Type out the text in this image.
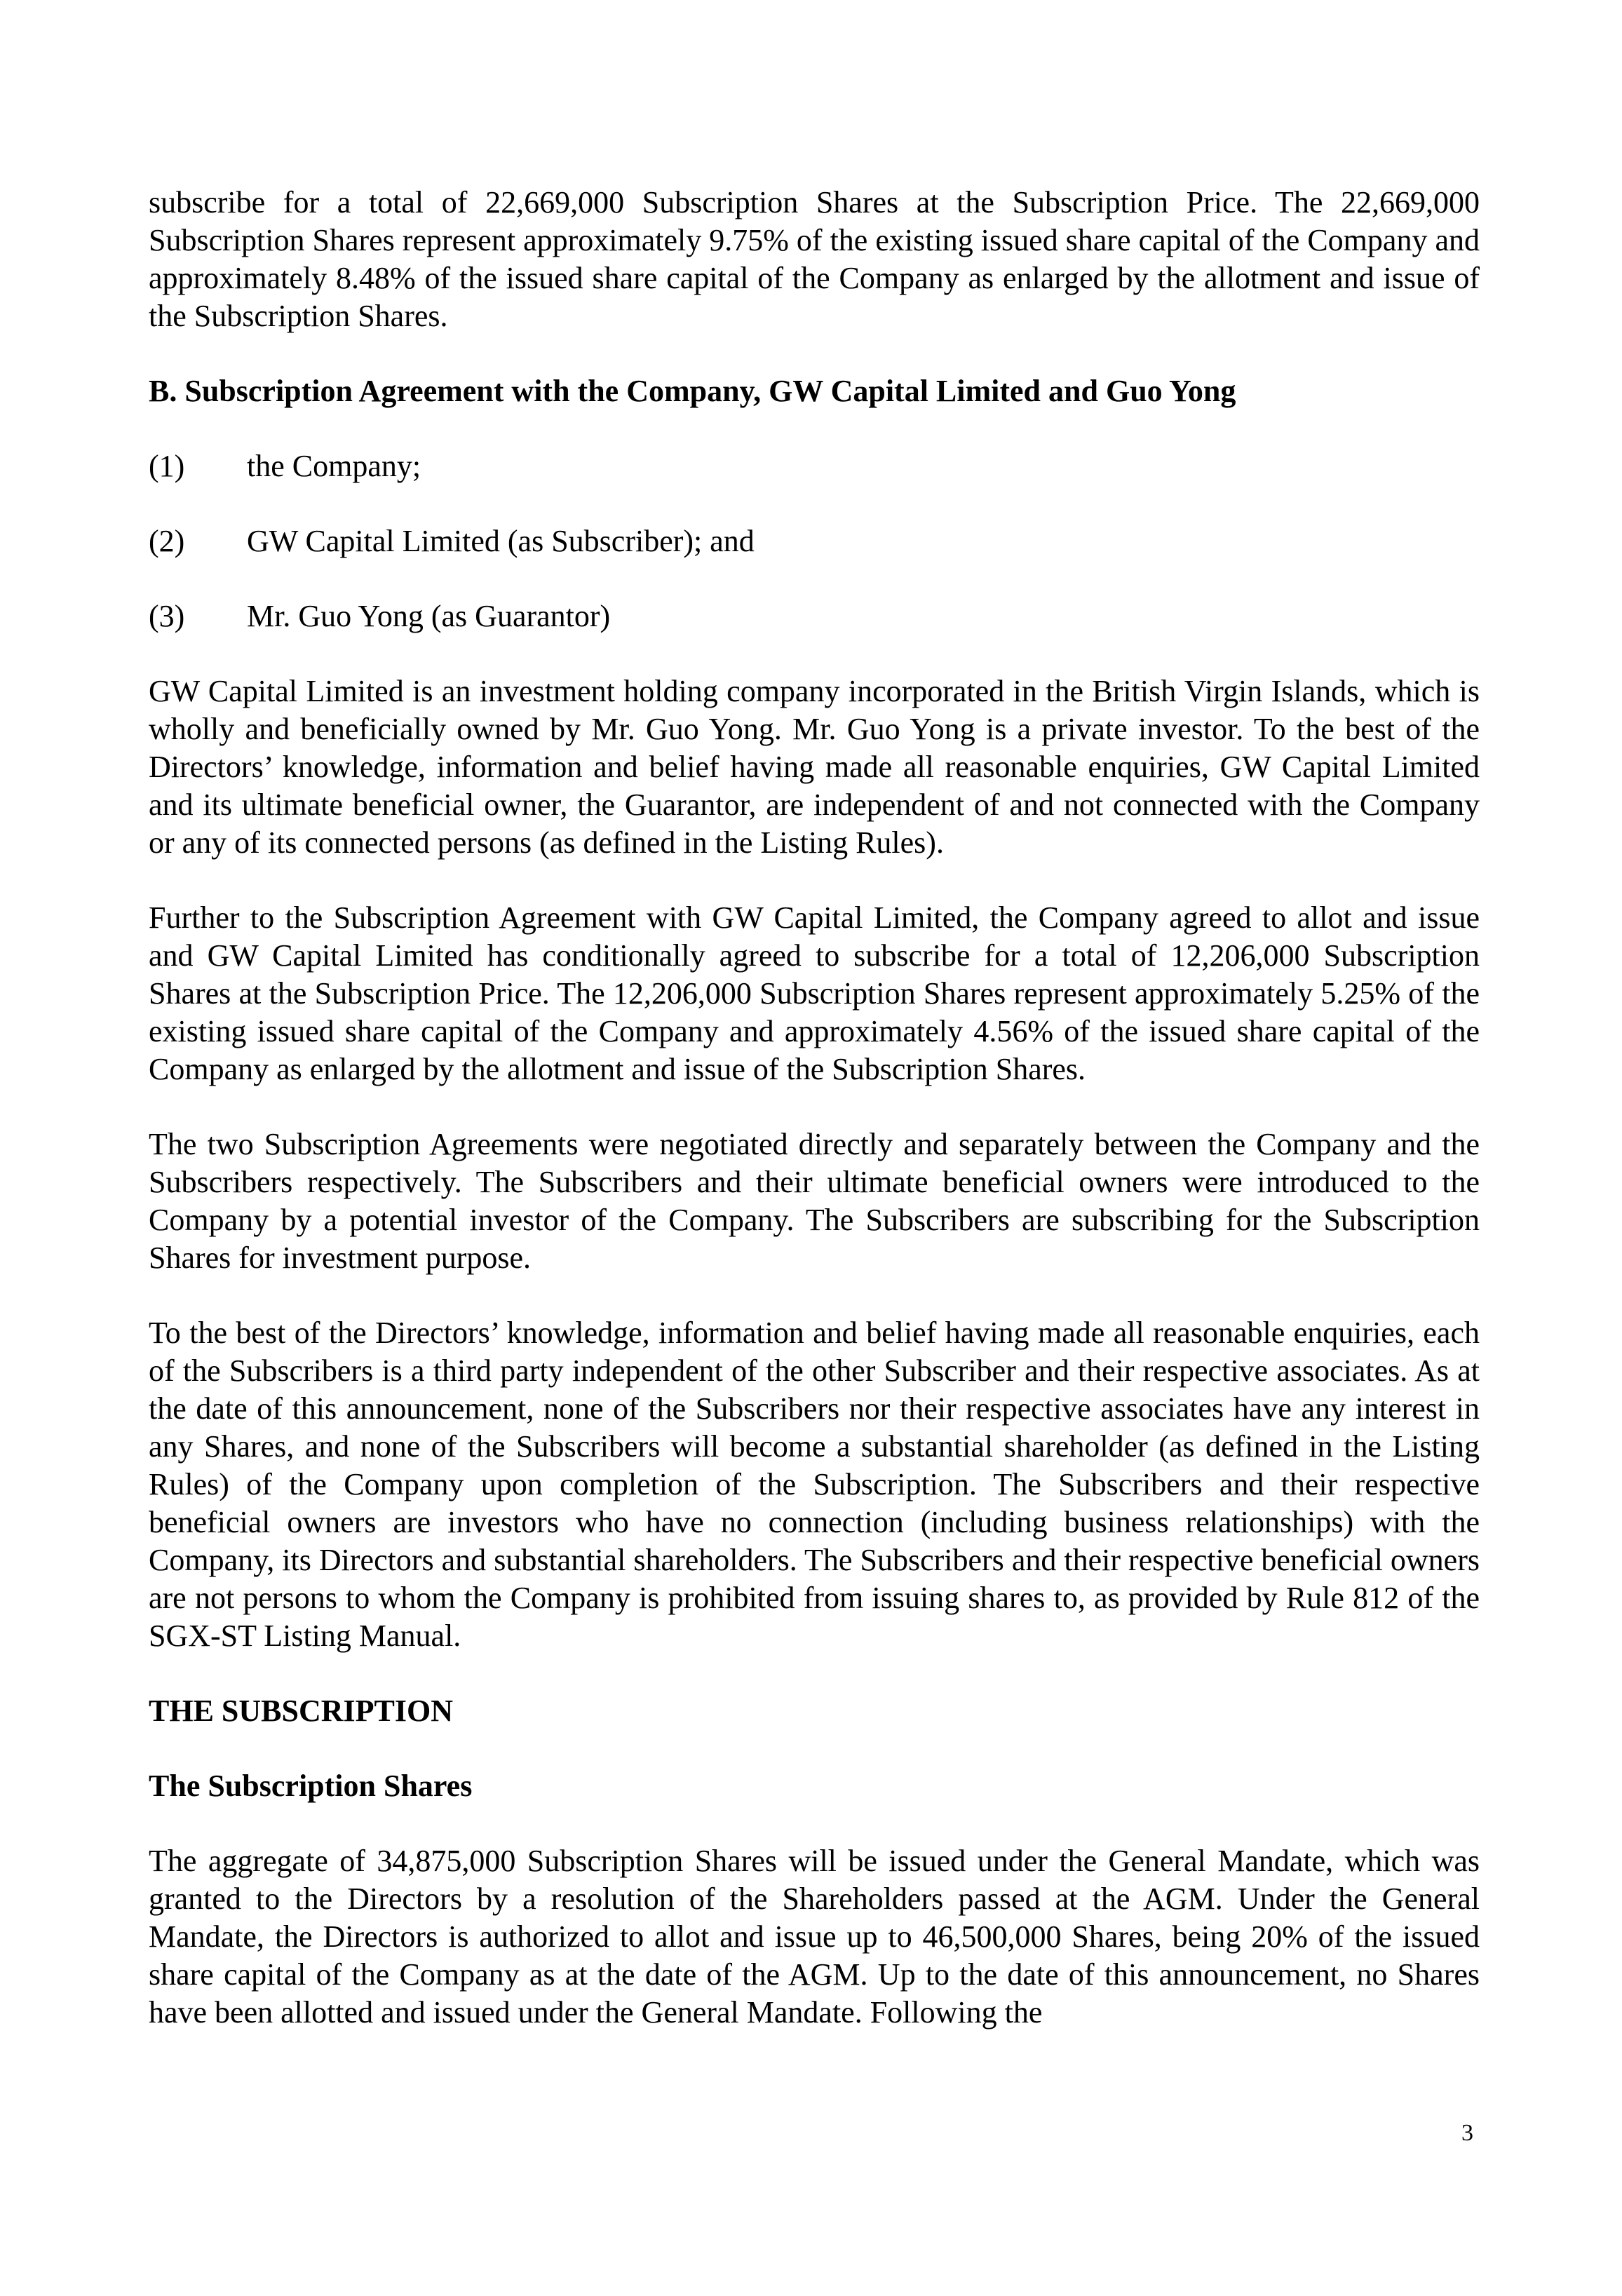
subscribe for a total of 22,669,000 Subscription Shares at the Subscription Price. The 22,669,000 Subscription Shares represent approximately 9.75% of the existing issued share capital of the Company and approximately 8.48% of the issued share capital of the Company as enlarged by the allotment and issue of the Subscription Shares.

B. Subscription Agreement with the Company, GW Capital Limited and Guo Yong
(1)	the Company;
(2)	GW Capital Limited (as Subscriber); and
(3)	Mr. Guo Yong (as Guarantor)

GW Capital Limited is an investment holding company incorporated in the British Virgin Islands, which is wholly and beneficially owned by Mr. Guo Yong. Mr. Guo Yong is a private investor. To the best of the Directors’ knowledge, information and belief having made all reasonable enquiries, GW Capital Limited and its ultimate beneficial owner, the Guarantor, are independent of and not connected with the Company or any of its connected persons (as defined in the Listing Rules).

Further to the Subscription Agreement with GW Capital Limited, the Company agreed to allot and issue and GW Capital Limited has conditionally agreed to subscribe for a total of 12,206,000 Subscription Shares at the Subscription Price. The 12,206,000 Subscription Shares represent approximately 5.25% of the existing issued share capital of the Company and approximately 4.56% of the issued share capital of the Company as enlarged by the allotment and issue of the Subscription Shares.

The two Subscription Agreements were negotiated directly and separately between the Company and the Subscribers respectively. The Subscribers and their ultimate beneficial owners were introduced to the Company by a potential investor of the Company. The Subscribers are subscribing for the Subscription Shares for investment purpose.

To the best of the Directors’ knowledge, information and belief having made all reasonable enquiries, each of the Subscribers is a third party independent of the other Subscriber and their respective associates. As at the date of this announcement, none of the Subscribers nor their respective associates have any interest in any Shares, and none of the Subscribers will become a substantial shareholder (as defined in the Listing Rules) of the Company upon completion of the Subscription. The Subscribers and their respective beneficial owners are investors who have no connection (including business relationships) with the Company, its Directors and substantial shareholders. The Subscribers and their respective beneficial owners are not persons to whom the Company is prohibited from issuing shares to, as provided by Rule 812 of the SGX-ST Listing Manual.

THE SUBSCRIPTION
The Subscription Shares

The aggregate of 34,875,000 Subscription Shares will be issued under the General Mandate, which was granted to the Directors by a resolution of the Shareholders passed at the AGM. Under the General Mandate, the Directors is authorized to allot and issue up to 46,500,000 Shares, being 20% of the issued share capital of the Company as at the date of the AGM. Up to the date of this announcement, no Shares have been allotted and issued under the General Mandate. Following the

3
